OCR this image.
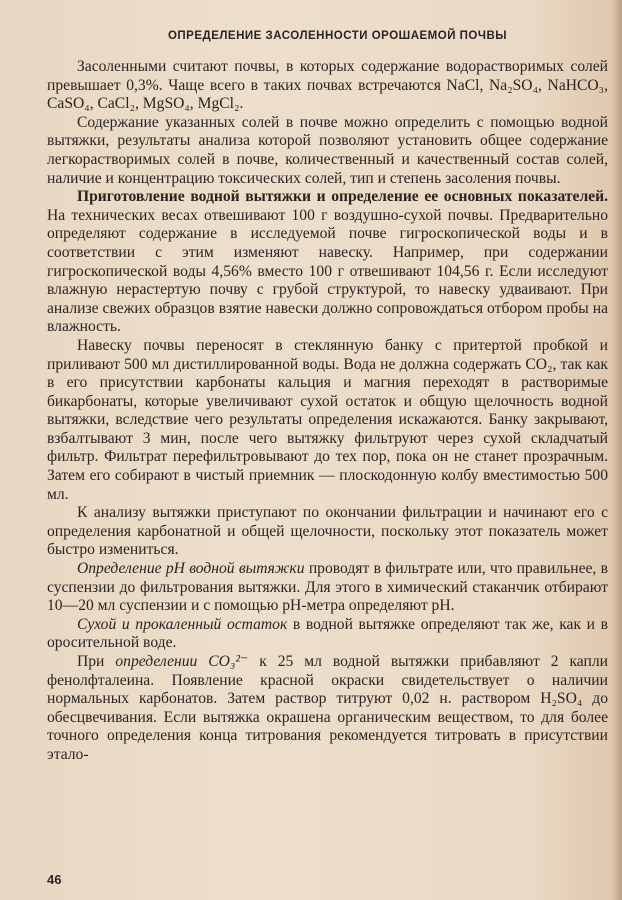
ОПРЕДЕЛЕНИЕ ЗАСОЛЕННОСТИ ОРОШАЕМОЙ ПОЧВЫ

Засоленными считают почвы, в которых содержание водорастворимых солей превышает 0,3%. Чаще всего в таких почвах встречаются NaCl, Na₂SO₄, NaHCO₃, CaSO₄, CaCl₂, MgSO₄, MgCl₂.

Содержание указанных солей в почве можно определить с помощью водной вытяжки, результаты анализа которой позволяют установить общее содержание легкорастворимых солей в почве, количественный и качественный состав солей, наличие и концентрацию токсических солей, тип и степень засоления почвы.

Приготовление водной вытяжки и определение ее основных показателей. На технических весах отвешивают 100 г воздушно-сухой почвы. Предварительно определяют содержание в исследуемой почве гигроскопической воды и в соответствии с этим изменяют навеску. Например, при содержании гигроскопической воды 4,56% вместо 100 г отвешивают 104,56 г. Если исследуют влажную нерастертую почву с грубой структурой, то навеску удваивают. При анализе свежих образцов взятие навески должно сопровождаться отбором пробы на влажность.

Навеску почвы переносят в стеклянную банку с притертой пробкой и приливают 500 мл дистиллированной воды. Вода не должна содержать CO₂, так как в его присутствии карбонаты кальция и магния переходят в растворимые бикарбонаты, которые увеличивают сухой остаток и общую щелочность водной вытяжки, вследствие чего результаты определения искажаются. Банку закрывают, взбалтывают 3 мин, после чего вытяжку фильтруют через сухой складчатый фильтр. Фильтрат перефильтровывают до тех пор, пока он не станет прозрачным. Затем его собирают в чистый приемник — плоскодонную колбу вместимостью 500 мл.

К анализу вытяжки приступают по окончании фильтрации и начинают его с определения карбонатной и общей щелочности, поскольку этот показатель может быстро измениться.

Определение pH водной вытяжки проводят в фильтрате или, что правильнее, в суспензии до фильтрования вытяжки. Для этого в химический стаканчик отбирают 10—20 мл суспензии и с помощью pH-метра определяют pH.

Сухой и прокаленный остаток в водной вытяжке определяют так же, как и в оросительной воде.

При определении CO₃²⁻ к 25 мл водной вытяжки прибавляют 2 капли фенолфталеина. Появление красной окраски свидетельствует о наличии нормальных карбонатов. Затем раствор титруют 0,02 н. раствором H₂SO₄ до обесцвечивания. Если вытяжка окрашена органическим веществом, то для более точного определения конца титрования рекомендуется титровать в присутствии этало-

46
